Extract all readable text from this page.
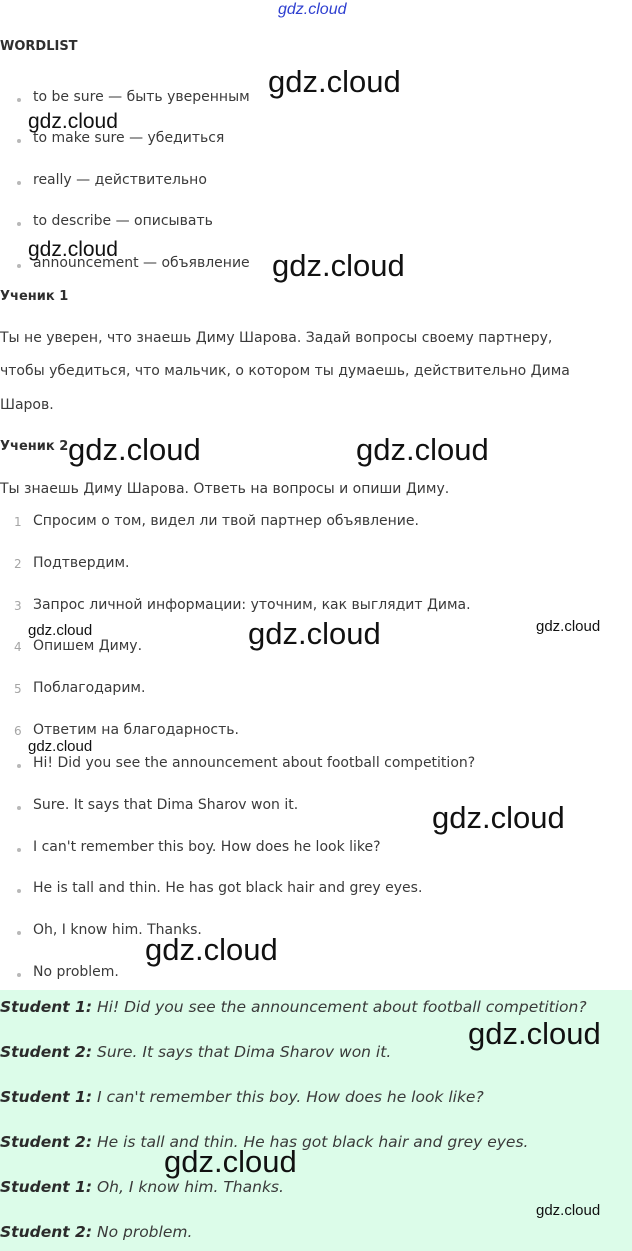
gdz.cloud
WORDLIST
to be sure — быть уверенным
to make sure — убедиться
really — действительно
to describe — описывать
announcement — объявление
Ученик 1
Ты не уверен, что знаешь Диму Шарова. Задай вопросы своему партнеру,
чтобы убедиться, что мальчик, о котором ты думаешь, действительно Дима
Шаров.
Ученик 2
Ты знаешь Диму Шарова. Ответь на вопросы и опиши Диму.
1 Спросим о том, видел ли твой партнер объявление.
2 Подтвердим.
3 Запрос личной информации: уточним, как выглядит Дима.
4 Опишем Диму.
5 Поблагодарим.
6 Ответим на благодарность.
Hi! Did you see the announcement about football competition?
Sure. It says that Dima Sharov won it.
I can't remember this boy. How does he look like?
He is tall and thin. He has got black hair and grey eyes.
Oh, I know him. Thanks.
No problem.
Student 1: Hi! Did you see the announcement about football competition?
Student 2: Sure. It says that Dima Sharov won it.
Student 1: I can't remember this boy. How does he look like?
Student 2: He is tall and thin. He has got black hair and grey eyes.
Student 1: Oh, I know him. Thanks.
Student 2: No problem.
gdz.cloud
gdz.cloud
gdz.cloud	gdz.cloud
gdz.cloud	gdz.cloud
gdz.cloud	gdz.cloud	gdz.cloud
gdz.cloud
gdz.cloud
gdz.cloud
gdz.cloud
gdz.cloud
gdz.cloud
